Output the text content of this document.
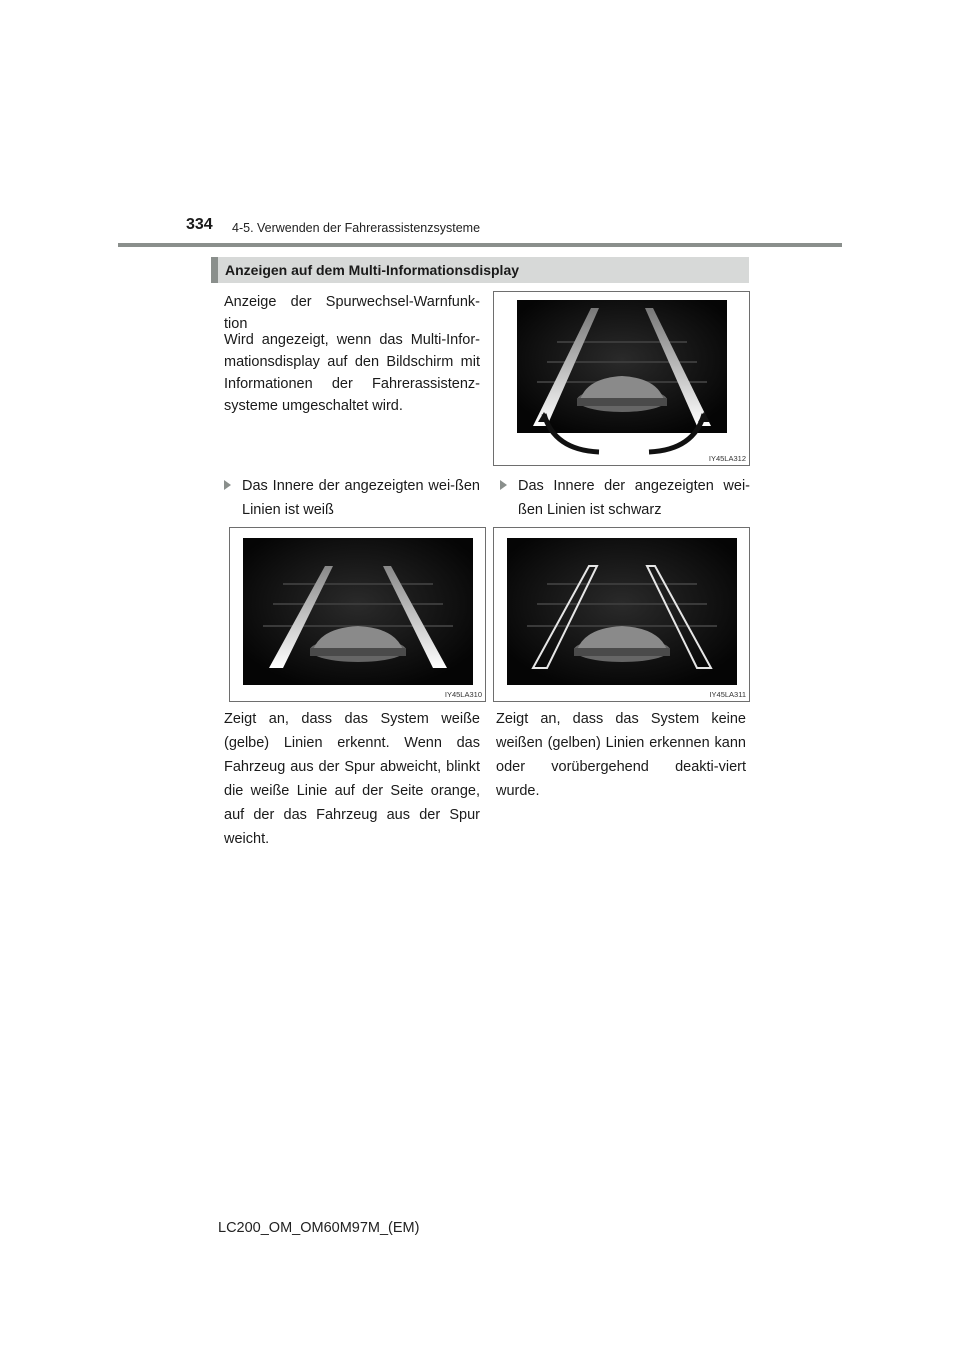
334 4-5. Verwenden der Fahrerassistenzsysteme
Anzeigen auf dem Multi-Informationsdisplay
Anzeige der Spurwechsel-Warnfunk-tion
Wird angezeigt, wenn das Multi-Infor-mationsdisplay auf den Bildschirm mit Informationen der Fahrerassistenz-systeme umgeschaltet wird.
IY45LA312
Das Innere der angezeigten wei-ßen Linien ist weiß
Das Innere der angezeigten wei-ßen Linien ist schwarz
IY45LA310	IY45LA311
Zeigt an, dass das System weiße (gelbe) Linien erkennt. Wenn das Fahrzeug aus der Spur abweicht, blinkt die weiße Linie auf der Seite orange, auf der das Fahrzeug aus der Spur weicht.
Zeigt an, dass das System keine weißen (gelben) Linien erkennen kann oder vorübergehend deakti-viert wurde.
LC200_OM_OM60M97M_(EM)
